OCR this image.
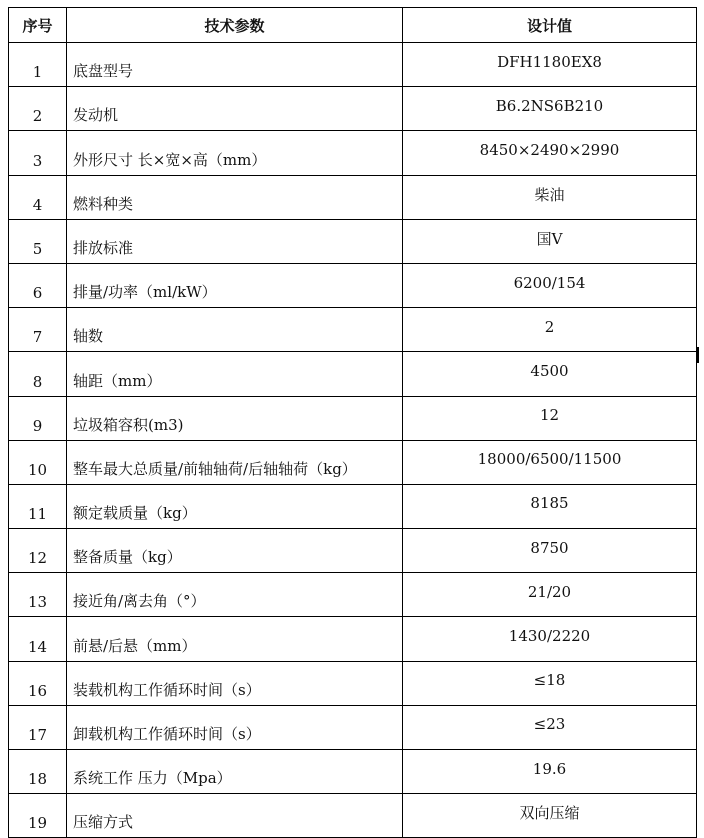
序号	技术参数	设计值
1	底盘型号	DFH1180EX8
2	发动机	B6.2NS6B210
3	外形尺寸 长×宽×高（mm）	8450×2490×2990
4	燃料种类	柴油
5	排放标准	国V
6	排量/功率（ml/kW）	6200/154
7	轴数	2
8	轴距（mm）	4500
9	垃圾箱容积(m3)	12
10	整车最大总质量/前轴轴荷/后轴轴荷（kg）	18000/6500/11500
11	额定载质量（kg）	8185
12	整备质量（kg）	8750
13	接近角/离去角（°）	21/20
14	前悬/后悬（mm）	1430/2220
16	装载机构工作循环时间（s）	≤18
17	卸载机构工作循环时间（s）	≤23
18	系统工作 压力（Mpa）	19.6
19	压缩方式	双向压缩
